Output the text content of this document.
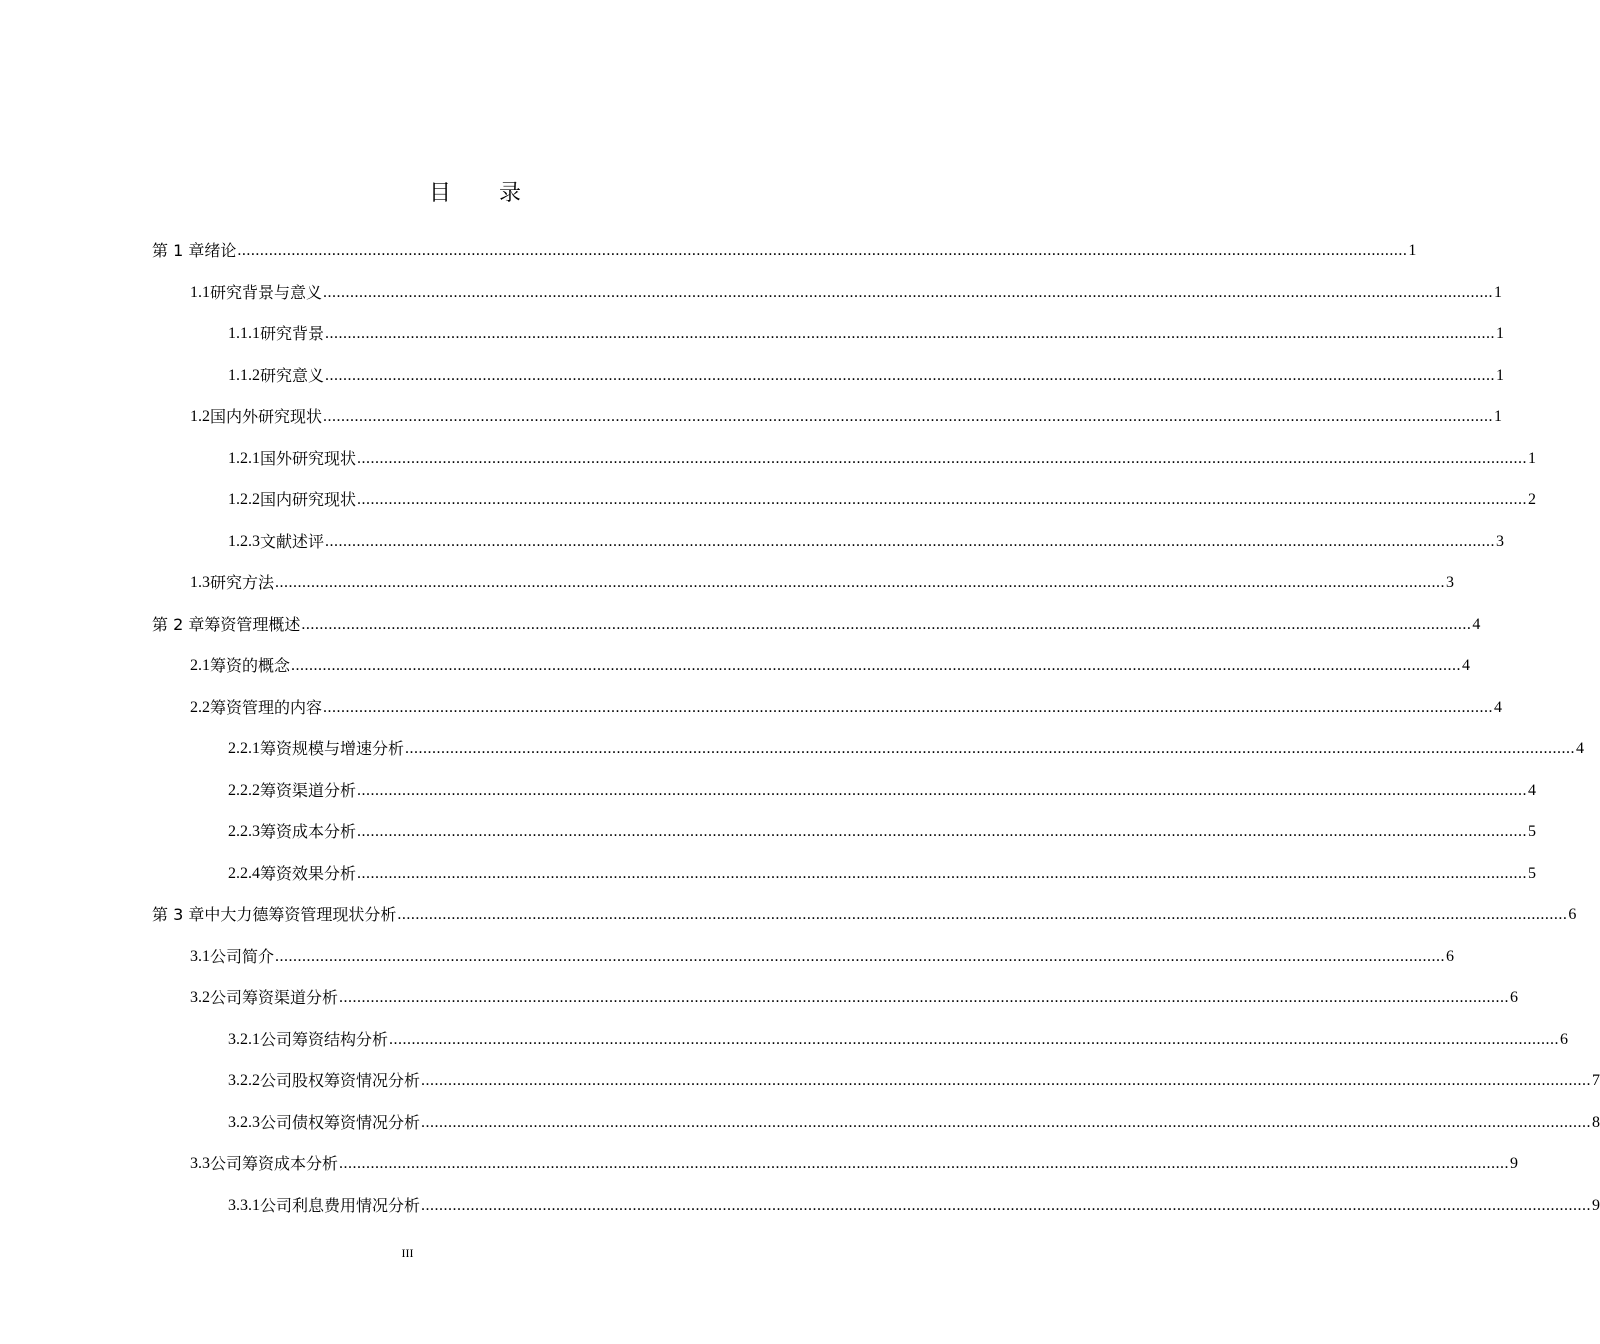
目 录
第 1 章 绪论 .................................................................................................................................................................................................................................................................... 1
1.1 研究背景与意义 .................................................................................................................................................................................................................................................................... 1
1.1.1 研究背景 .................................................................................................................................................................................................................................................................... 1
1.1.2 研究意义 .................................................................................................................................................................................................................................................................... 1
1.2 国内外研究现状 .................................................................................................................................................................................................................................................................... 1
1.2.1 国外研究现状 .................................................................................................................................................................................................................................................................... 1
1.2.2 国内研究现状 .................................................................................................................................................................................................................................................................... 2
1.2.3 文献述评 .................................................................................................................................................................................................................................................................... 3
1.3 研究方法 .................................................................................................................................................................................................................................................................... 3
第 2 章 筹资管理概述 .................................................................................................................................................................................................................................................................... 4
2.1 筹资的概念 .................................................................................................................................................................................................................................................................... 4
2.2 筹资管理的内容 .................................................................................................................................................................................................................................................................... 4
2.2.1 筹资规模与增速分析 .................................................................................................................................................................................................................................................................... 4
2.2.2 筹资渠道分析 .................................................................................................................................................................................................................................................................... 4
2.2.3 筹资成本分析 .................................................................................................................................................................................................................................................................... 5
2.2.4 筹资效果分析 .................................................................................................................................................................................................................................................................... 5
第 3 章 中大力德筹资管理现状分析 .................................................................................................................................................................................................................................................................... 6
3.1 公司简介 .................................................................................................................................................................................................................................................................... 6
3.2 公司筹资渠道分析 .................................................................................................................................................................................................................................................................... 6
3.2.1 公司筹资结构分析 .................................................................................................................................................................................................................................................................... 6
3.2.2 公司股权筹资情况分析 .................................................................................................................................................................................................................................................................... 7
3.2.3 公司债权筹资情况分析 .................................................................................................................................................................................................................................................................... 8
3.3 公司筹资成本分析 .................................................................................................................................................................................................................................................................... 9
3.3.1 公司利息费用情况分析 .................................................................................................................................................................................................................................................................... 9
III
